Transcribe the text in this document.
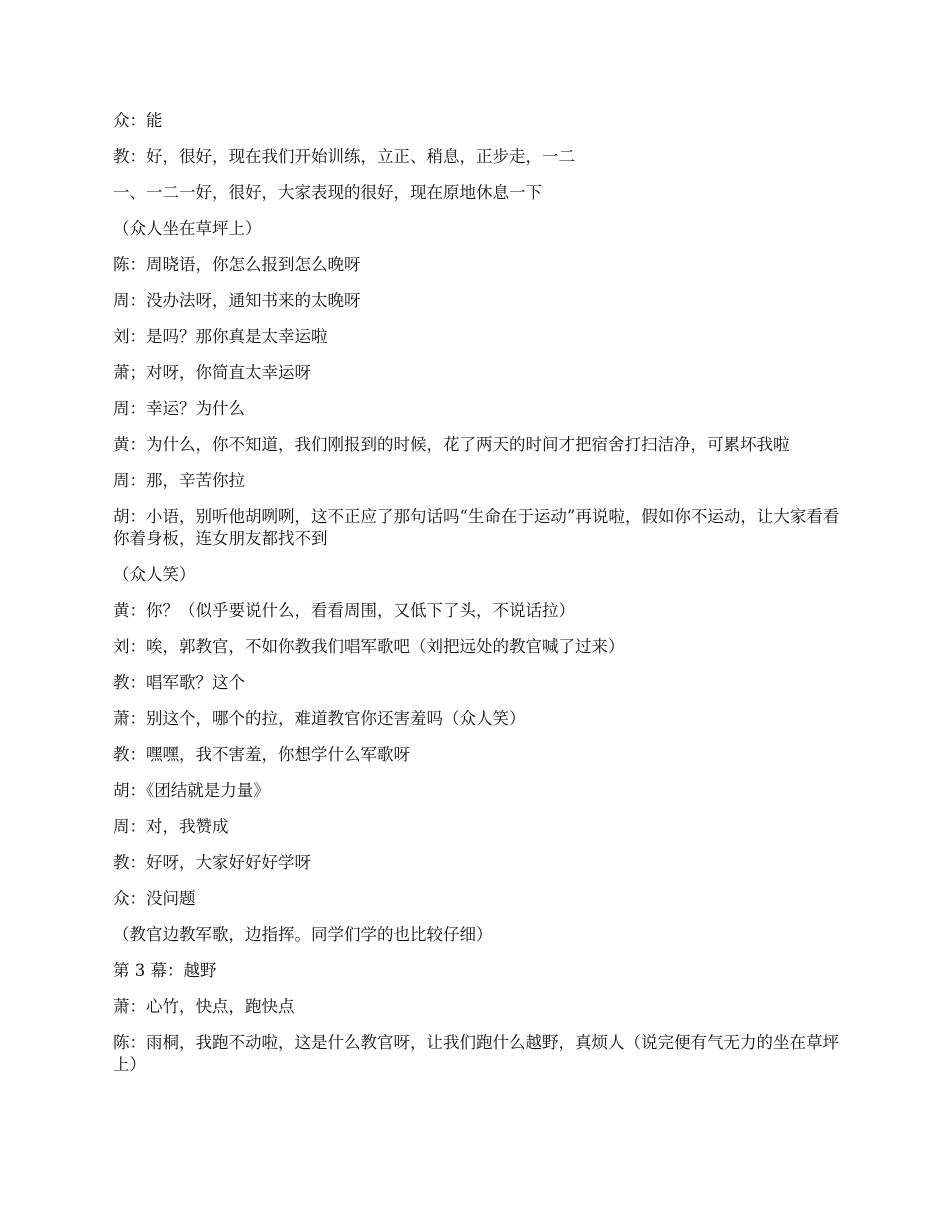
众：能

教：好，很好，现在我们开始训练，立正、稍息，正步走，一二

一、一二一好，很好，大家表现的很好，现在原地休息一下

（众人坐在草坪上）

陈：周晓语，你怎么报到怎么晚呀

周：没办法呀，通知书来的太晚呀

刘：是吗？那你真是太幸运啦

萧；对呀，你简直太幸运呀

周：幸运？为什么

黄：为什么，你不知道，我们刚报到的时候，花了两天的时间才把宿舍打扫洁净，可累坏我啦

周：那，辛苦你拉

胡：小语，别听他胡咧咧，这不正应了那句话吗“生命在于运动”再说啦，假如你不运动，让大家看看你着身板，连女朋友都找不到

（众人笑）

黄：你？（似乎要说什么，看看周围，又低下了头，不说话拉）

刘：唉，郭教官，不如你教我们唱军歌吧（刘把远处的教官喊了过来）

教：唱军歌？这个

萧：别这个，哪个的拉，难道教官你还害羞吗（众人笑）

教：嘿嘿，我不害羞，你想学什么军歌呀

胡：《团结就是力量》

周：对，我赞成

教：好呀，大家好好好学呀

众：没问题

（教官边教军歌，边指挥。同学们学的也比较仔细）

第 3 幕：越野

萧：心竹，快点，跑快点

陈：雨桐，我跑不动啦，这是什么教官呀，让我们跑什么越野，真烦人（说完便有气无力的坐在草坪上）
